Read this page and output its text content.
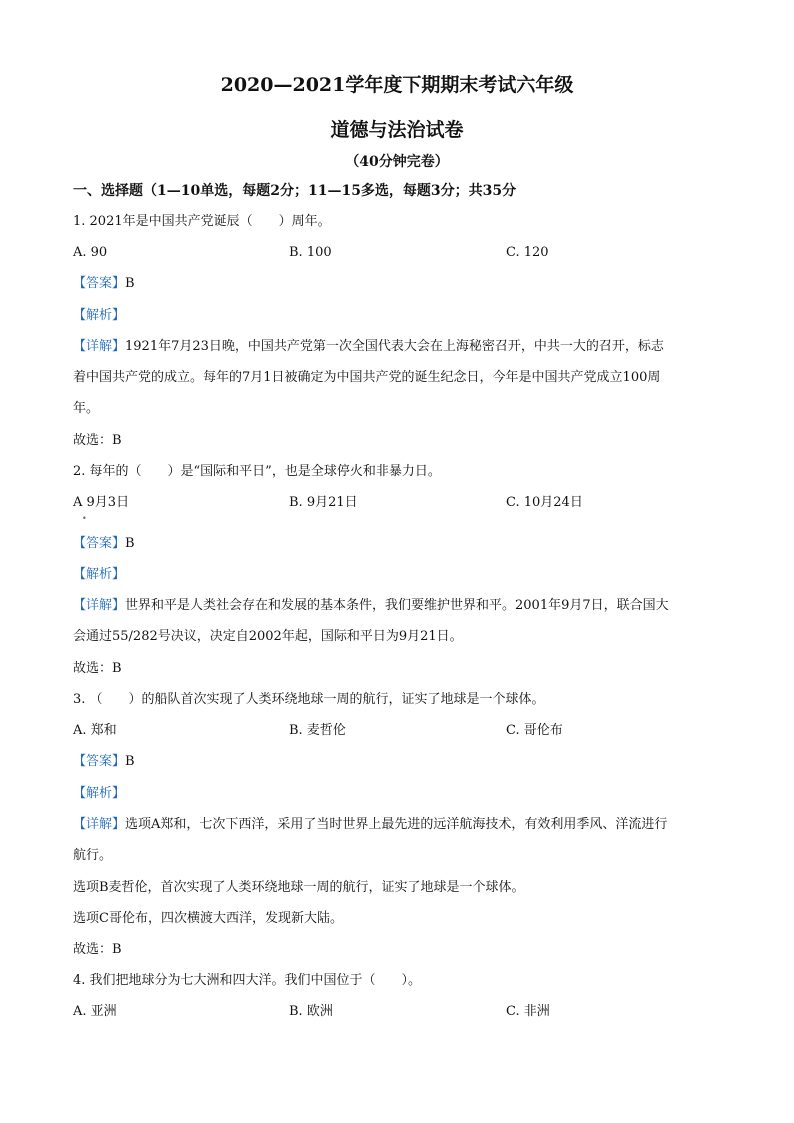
2020—2021学年度下期期末考试六年级
道德与法治试卷
（40分钟完卷）
一、选择题（1—10单选，每题2分；11—15多选，每题3分；共35分
1. 2021年是中国共产党诞辰（　　）周年。
A. 90	B. 100	C. 120
【答案】B
【解析】
【详解】1921年7月23日晚，中国共产党第一次全国代表大会在上海秘密召开，中共一大的召开，标志
着中国共产党的成立。每年的7月1日被确定为中国共产党的诞生纪念日，今年是中国共产党成立100周
年。
故选：B
2. 每年的（　　）是“国际和平日”，也是全球停火和非暴力日。
A 9月3日	B. 9月21日	C. 10月24日
•
【答案】B
【解析】
【详解】世界和平是人类社会存在和发展的基本条件，我们要维护世界和平。2001年9月7日，联合国大
会通过55/282号决议，决定自2002年起，国际和平日为9月21日。
故选：B
3. （　　）的船队首次实现了人类环绕地球一周的航行，证实了地球是一个球体。
A. 郑和	B. 麦哲伦	C. 哥伦布
【答案】B
【解析】
【详解】选项A郑和，七次下西洋，采用了当时世界上最先进的远洋航海技术，有效利用季风、洋流进行
航行。
选项B麦哲伦，首次实现了人类环绕地球一周的航行，证实了地球是一个球体。
选项C哥伦布，四次横渡大西洋，发现新大陆。
故选：B
4. 我们把地球分为七大洲和四大洋。我们中国位于（　　）。
A. 亚洲	B. 欧洲	C. 非洲
